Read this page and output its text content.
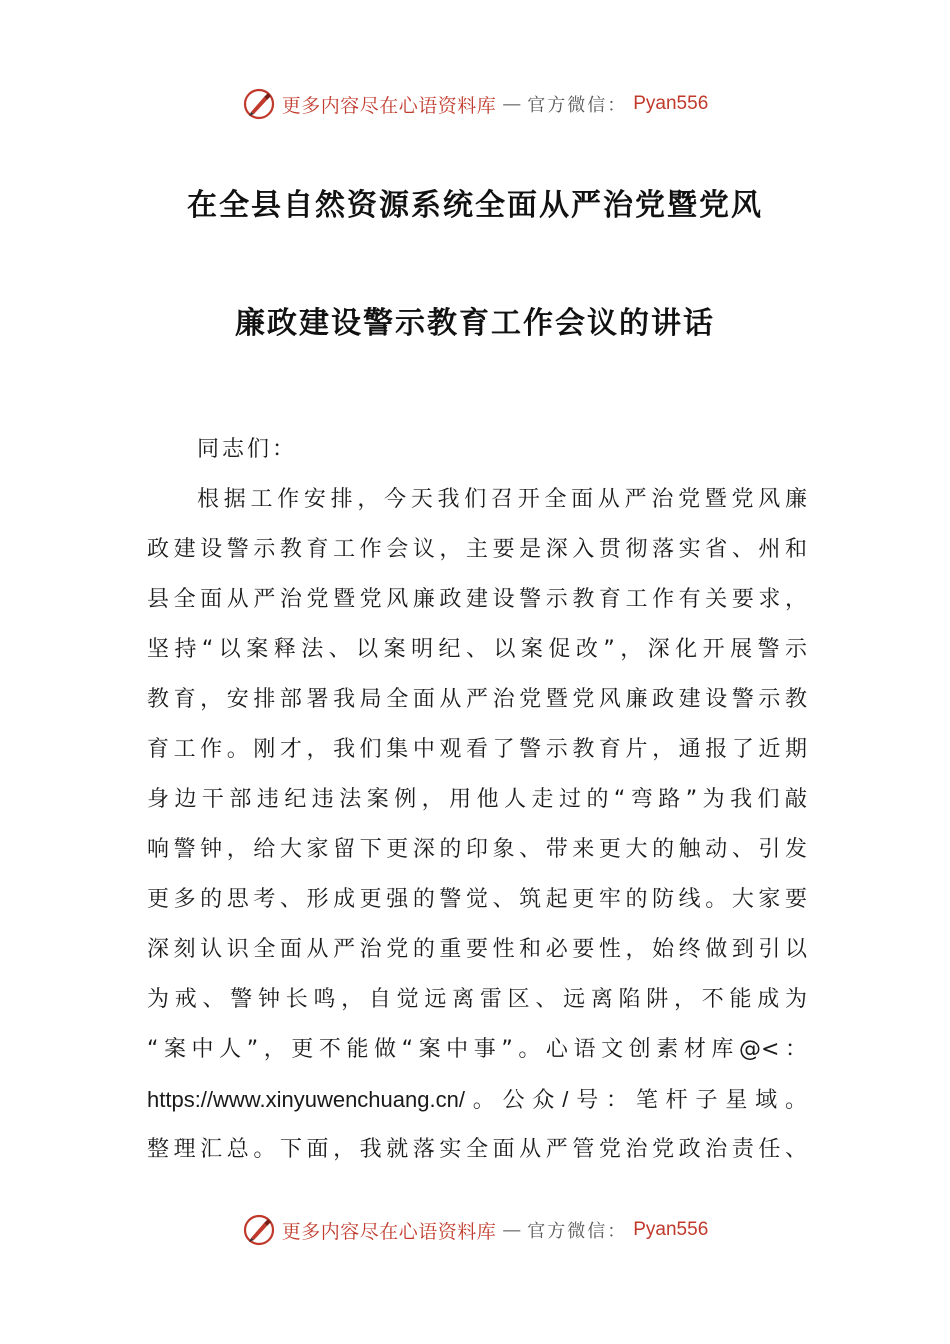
更多内容尽在心语资料库 — 官方微信： Pyan556
在全县自然资源系统全面从严治党暨党风
廉政建设警示教育工作会议的讲话
同志们：
根据工作安排，今天我们召开全面从严治党暨党风廉
政建设警示教育工作会议，主要是深入贯彻落实省、州和
县全面从严治党暨党风廉政建设警示教育工作有关要求，
坚持“以案释法、以案明纪、以案促改”，深化开展警示
教育，安排部署我局全面从严治党暨党风廉政建设警示教
育工作。刚才，我们集中观看了警示教育片，通报了近期
身边干部违纪违法案例，用他人走过的“弯路”为我们敲
响警钟，给大家留下更深的印象、带来更大的触动、引发
更多的思考、形成更强的警觉、筑起更牢的防线。大家要
深刻认识全面从严治党的重要性和必要性，始终做到引以
为戒、警钟长鸣，自觉远离雷区、远离陷阱，不能成为
“案中人”，更不能做“案中事”。心语文创素材库@<：
https://www.xinyuwenchuang.cn/。公众/号：笔杆子星域。
整理汇总。下面，我就落实全面从严管党治党政治责任、
更多内容尽在心语资料库 — 官方微信： Pyan556
